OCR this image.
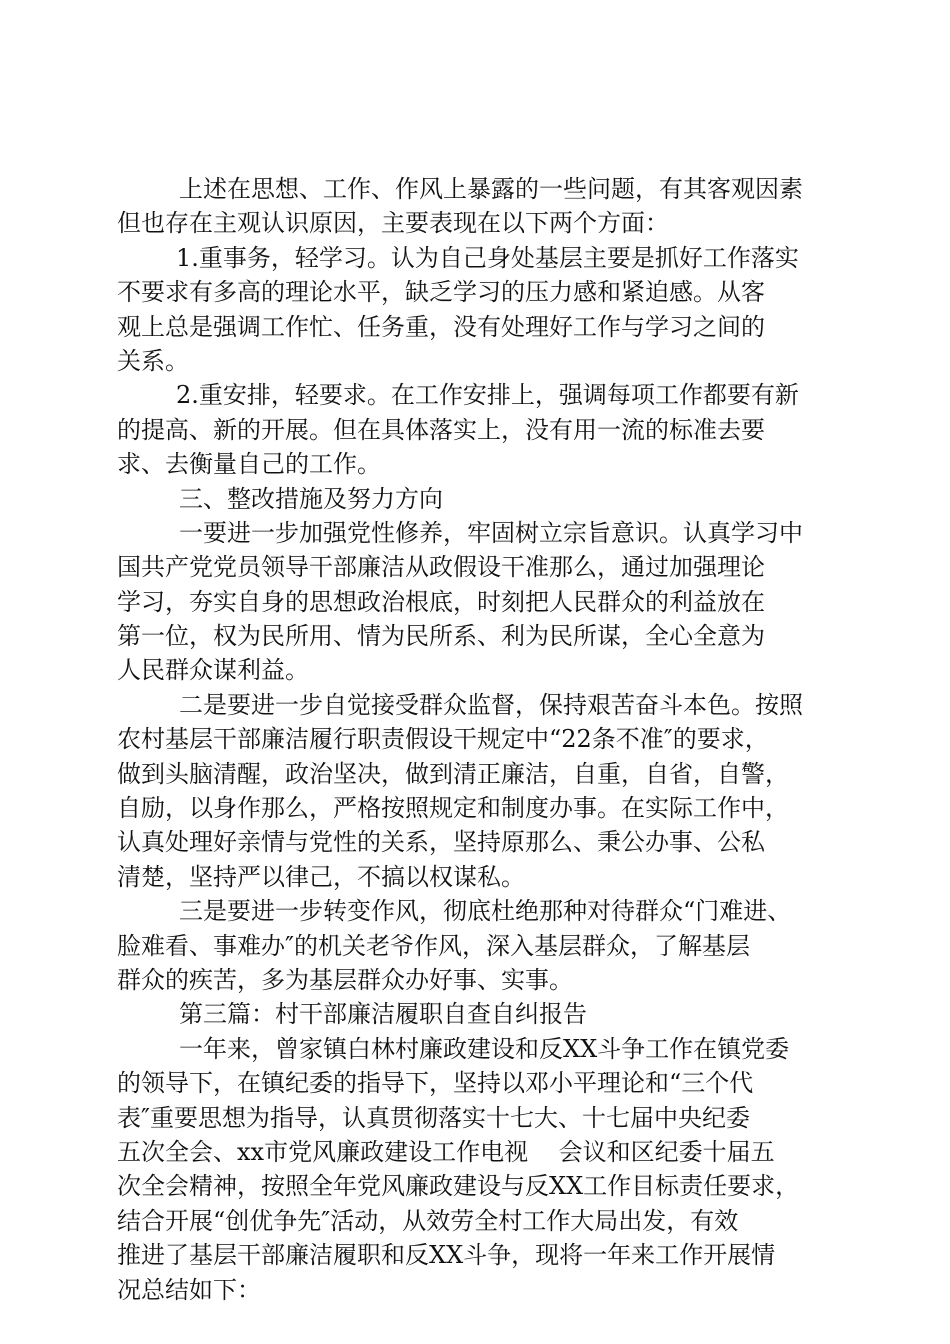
上述在思想、工作、作风上暴露的一些问题，有其客观因素
但也存在主观认识原因，主要表现在以下两个方面：
1.重事务，轻学习。认为自己身处基层主要是抓好工作落实
不要求有多高的理论水平，缺乏学习的压力感和紧迫感。从客
观上总是强调工作忙、任务重，没有处理好工作与学习之间的
关系。
2.重安排，轻要求。在工作安排上，强调每项工作都要有新
的提高、新的开展。但在具体落实上，没有用一流的标准去要
求、去衡量自己的工作。
三、整改措施及努力方向
一要进一步加强党性修养，牢固树立宗旨意识。认真学习中
国共产党党员领导干部廉洁从政假设干准那么，通过加强理论
学习，夯实自身的思想政治根底，时刻把人民群众的利益放在
第一位，权为民所用、情为民所系、利为民所谋，全心全意为
人民群众谋利益。
二是要进一步自觉接受群众监督，保持艰苦奋斗本色。按照
农村基层干部廉洁履行职责假设干规定中“22条不准″的要求，
做到头脑清醒，政治坚决，做到清正廉洁，自重，自省，自警，
自励，以身作那么，严格按照规定和制度办事。在实际工作中，
认真处理好亲情与党性的关系，坚持原那么、秉公办事、公私
清楚，坚持严以律己，不搞以权谋私。
三是要进一步转变作风，彻底杜绝那种对待群众“门难进、
脸难看、事难办″的机关老爷作风，深入基层群众，了解基层
群众的疾苦，多为基层群众办好事、实事。
第三篇：村干部廉洁履职自查自纠报告
一年来，曾家镇白林村廉政建设和反XX斗争工作在镇党委
的领导下，在镇纪委的指导下，坚持以邓小平理论和“三个代
表″重要思想为指导，认真贯彻落实十七大、十七届中央纪委
五次全会、xx市党风廉政建设工作电视    会议和区纪委十届五
次全会精神，按照全年党风廉政建设与反XX工作目标责任要求，
结合开展“创优争先″活动，从效劳全村工作大局出发，有效
推进了基层干部廉洁履职和反XX斗争，现将一年来工作开展情
况总结如下：
